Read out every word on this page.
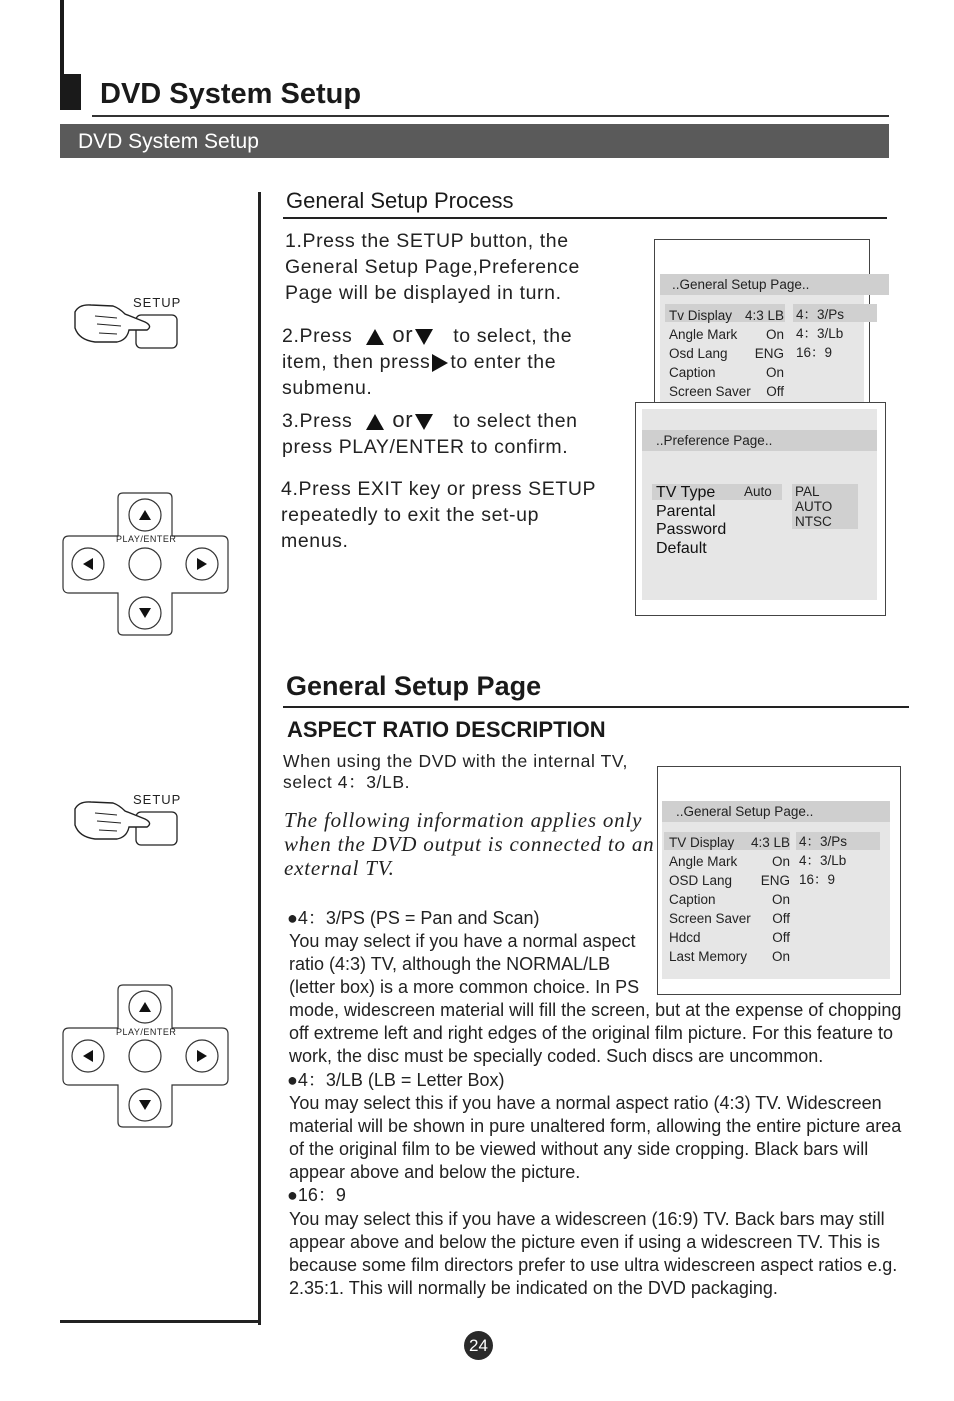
DVD System Setup
DVD System Setup
General Setup Process
1.Press the SETUP button, the
General Setup Page,Preference
Page will be displayed in turn.
2.Press or to select, the
item, then press to enter the
submenu.
3.Press or to select then
press PLAY/ENTER to confirm.
4.Press EXIT key or press SETUP
repeatedly to exit the set-up
menus.
..General Setup Page..
Tv Display
Angle Mark
Osd Lang
Caption
Screen Saver
4:3 LB
On
ENG
On
Off
4：3/Ps
4：3/Lb
16：9
..Preference Page..
TV Type
Parental
Password
Default
Auto PAL
AUTO
NTSC
SETUP
PLAY/ENTER
General Setup Page
ASPECT RATIO DESCRIPTION
When using the DVD with the internal TV,
select 4：3/LB.
The following information applies only
when the DVD output is connected to an
external TV.
..General Setup Page..
TV Display
Angle Mark
OSD Lang
Caption
Screen Saver
Hdcd
Last Memory
4:3 LB
On
ENG
On
Off
Off
On
4：3/Ps
4：3/Lb
16：9
SETUP
PLAY/ENTER
●4：3/PS (PS = Pan and Scan)
You may select if you have a normal aspect
ratio (4:3) TV, although the NORMAL/LB
(letter box) is a more common choice. In PS
mode, widescreen material will fill the screen, but at the expense of chopping
off extreme left and right edges of the original film picture. For this feature to
work, the disc must be specially coded. Such discs are uncommon.
●4：3/LB (LB = Letter Box)
You may select this if you have a normal aspect ratio (4:3) TV. Widescreen
material will be shown in pure unaltered form, allowing the entire picture area
of the original film to be viewed without any side cropping. Black bars will
appear above and below the picture.
●16：9
You may select this if you have a widescreen (16:9) TV. Back bars may still
appear above and below the picture even if using a widescreen TV. This is
because some film directors prefer to use ultra widescreen aspect ratios e.g.
2.35:1. This will normally be indicated on the DVD packaging.
24
